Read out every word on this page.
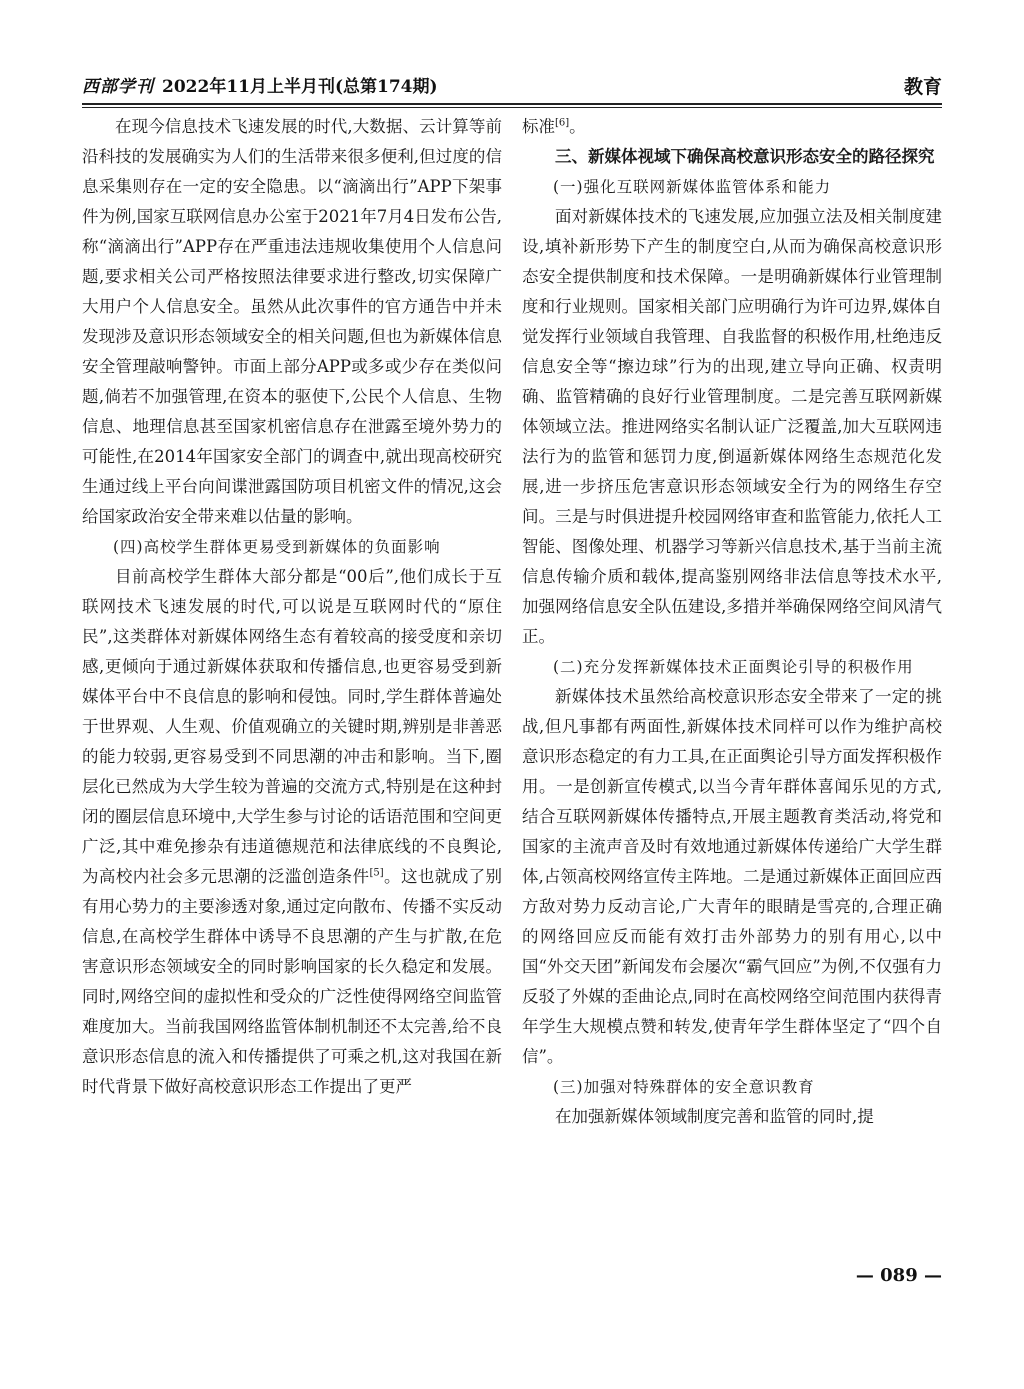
西部学刊 2022年11月上半月刊(总第174期)	教育

在现今信息技术飞速发展的时代,大数据、云计算等前沿科技的发展确实为人们的生活带来很多便利,但过度的信息采集则存在一定的安全隐患。以“滴滴出行”APP下架事件为例,国家互联网信息办公室于2021年7月4日发布公告,称“滴滴出行”APP存在严重违法违规收集使用个人信息问题,要求相关公司严格按照法律要求进行整改,切实保障广大用户个人信息安全。虽然从此次事件的官方通告中并未发现涉及意识形态领域安全的相关问题,但也为新媒体信息安全管理敲响警钟。市面上部分APP或多或少存在类似问题,倘若不加强管理,在资本的驱使下,公民个人信息、生物信息、地理信息甚至国家机密信息存在泄露至境外势力的可能性,在2014年国家安全部门的调查中,就出现高校研究生通过线上平台向间谍泄露国防项目机密文件的情况,这会给国家政治安全带来难以估量的影响。

(四)高校学生群体更易受到新媒体的负面影响

目前高校学生群体大部分都是“00后”,他们成长于互联网技术飞速发展的时代,可以说是互联网时代的“原住民”,这类群体对新媒体网络生态有着较高的接受度和亲切感,更倾向于通过新媒体获取和传播信息,也更容易受到新媒体平台中不良信息的影响和侵蚀。同时,学生群体普遍处于世界观、人生观、价值观确立的关键时期,辨别是非善恶的能力较弱,更容易受到不同思潮的冲击和影响。当下,圈层化已然成为大学生较为普遍的交流方式,特别是在这种封闭的圈层信息环境中,大学生参与讨论的话语范围和空间更广泛,其中难免掺杂有违道德规范和法律底线的不良舆论,为高校内社会多元思潮的泛滥创造条件[5]。这也就成了别有用心势力的主要渗透对象,通过定向散布、传播不实反动信息,在高校学生群体中诱导不良思潮的产生与扩散,在危害意识形态领域安全的同时影响国家的长久稳定和发展。同时,网络空间的虚拟性和受众的广泛性使得网络空间监管难度加大。当前我国网络监管体制机制还不太完善,给不良意识形态信息的流入和传播提供了可乘之机,这对我国在新时代背景下做好高校意识形态工作提出了更严

标准[6]。

三、新媒体视域下确保高校意识形态安全的路径探究

(一)强化互联网新媒体监管体系和能力

面对新媒体技术的飞速发展,应加强立法及相关制度建设,填补新形势下产生的制度空白,从而为确保高校意识形态安全提供制度和技术保障。一是明确新媒体行业管理制度和行业规则。国家相关部门应明确行为许可边界,媒体自觉发挥行业领域自我管理、自我监督的积极作用,杜绝违反信息安全等“擦边球”行为的出现,建立导向正确、权责明确、监管精确的良好行业管理制度。二是完善互联网新媒体领域立法。推进网络实名制认证广泛覆盖,加大互联网违法行为的监管和惩罚力度,倒逼新媒体网络生态规范化发展,进一步挤压危害意识形态领域安全行为的网络生存空间。三是与时俱进提升校园网络审查和监管能力,依托人工智能、图像处理、机器学习等新兴信息技术,基于当前主流信息传输介质和载体,提高鉴别网络非法信息等技术水平,加强网络信息安全队伍建设,多措并举确保网络空间风清气正。

(二)充分发挥新媒体技术正面舆论引导的积极作用

新媒体技术虽然给高校意识形态安全带来了一定的挑战,但凡事都有两面性,新媒体技术同样可以作为维护高校意识形态稳定的有力工具,在正面舆论引导方面发挥积极作用。一是创新宣传模式,以当今青年群体喜闻乐见的方式,结合互联网新媒体传播特点,开展主题教育类活动,将党和国家的主流声音及时有效地通过新媒体传递给广大学生群体,占领高校网络宣传主阵地。二是通过新媒体正面回应西方敌对势力反动言论,广大青年的眼睛是雪亮的,合理正确的网络回应反而能有效打击外部势力的别有用心,以中国“外交天团”新闻发布会屡次“霸气回应”为例,不仅强有力反驳了外媒的歪曲论点,同时在高校网络空间范围内获得青年学生大规模点赞和转发,使青年学生群体坚定了“四个自信”。

(三)加强对特殊群体的安全意识教育

在加强新媒体领域制度完善和监管的同时,提

— 089 —
